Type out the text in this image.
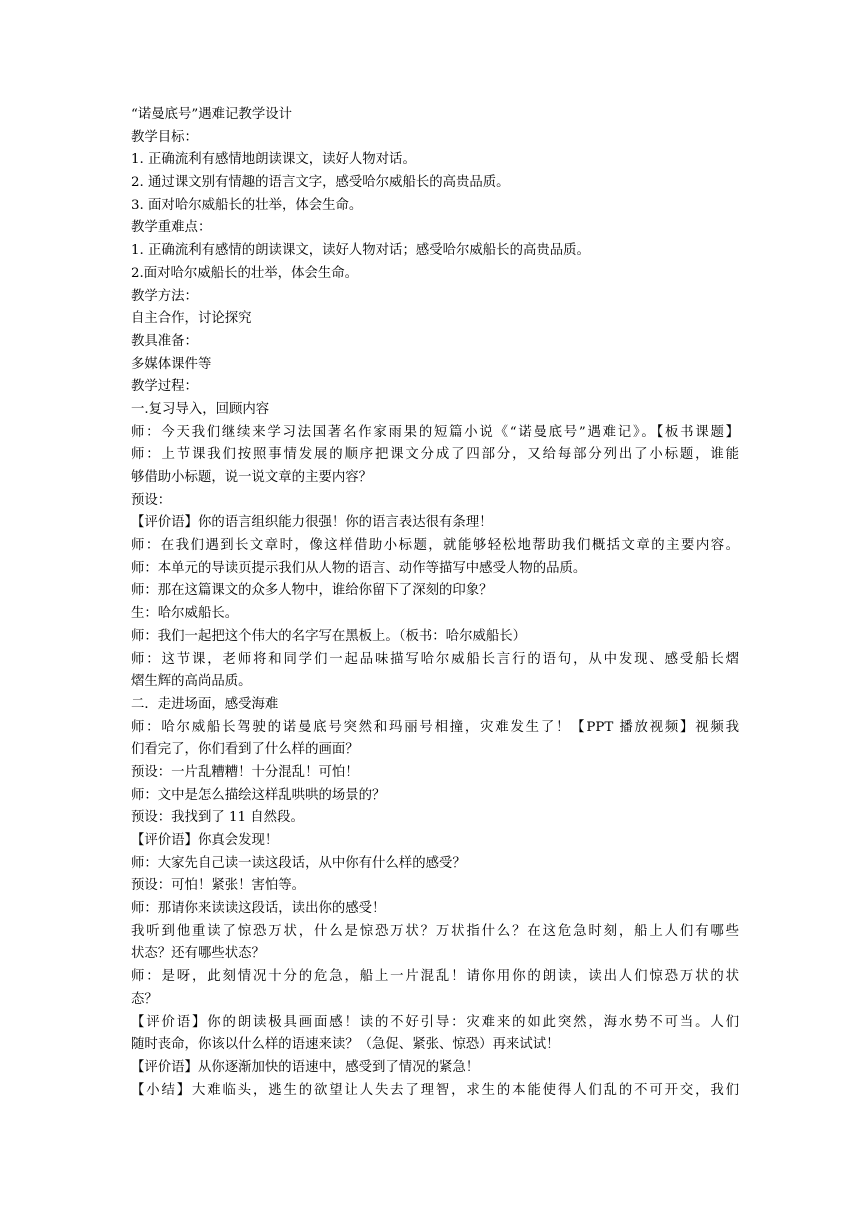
“诺曼底号”遇难记教学设计
教学目标：
1. 正确流利有感情地朗读课文，读好人物对话。
2. 通过课文别有情趣的语言文字，感受哈尔威船长的高贵品质。
3. 面对哈尔威船长的壮举，体会生命。
教学重难点：
1. 正确流利有感情的朗读课文，读好人物对话；感受哈尔威船长的高贵品质。
2.面对哈尔威船长的壮举，体会生命。
教学方法：
自主合作，讨论探究
教具准备：
多媒体课件等
教学过程：
一.复习导入，回顾内容
师：今天我们继续来学习法国著名作家雨果的短篇小说《“诺曼底号”遇难记》。【板书课题】
师：上节课我们按照事情发展的顺序把课文分成了四部分，又给每部分列出了小标题，谁能
够借助小标题，说一说文章的主要内容？
预设：
【评价语】你的语言组织能力很强！你的语言表达很有条理！
师：在我们遇到长文章时，像这样借助小标题，就能够轻松地帮助我们概括文章的主要内容。
师：本单元的导读页提示我们从人物的语言、动作等描写中感受人物的品质。
师：那在这篇课文的众多人物中，谁给你留下了深刻的印象？
生：哈尔威船长。
师：我们一起把这个伟大的名字写在黑板上。（板书：哈尔威船长）
师：这节课，老师将和同学们一起品味描写哈尔威船长言行的语句，从中发现、感受船长熠
熠生辉的高尚品质。
二．走进场面，感受海难
师：哈尔威船长驾驶的诺曼底号突然和玛丽号相撞，灾难发生了！【PPT 播放视频】视频我
们看完了，你们看到了什么样的画面？
预设：一片乱糟糟！十分混乱！可怕！
师：文中是怎么描绘这样乱哄哄的场景的？
预设：我找到了 11 自然段。
【评价语】你真会发现！
师：大家先自己读一读这段话，从中你有什么样的感受？
预设：可怕！紧张！害怕等。
师：那请你来读读这段话，读出你的感受！
我听到他重读了惊恐万状，什么是惊恐万状？万状指什么？在这危急时刻，船上人们有哪些
状态？还有哪些状态？
师：是呀，此刻情况十分的危急，船上一片混乱！请你用你的朗读，读出人们惊恐万状的状
态？
【评价语】你的朗读极具画面感！读的不好引导：灾难来的如此突然，海水势不可当。人们
随时丧命，你该以什么样的语速来读？（急促、紧张、惊恐）再来试试！
【评价语】从你逐渐加快的语速中，感受到了情况的紧急！
【小结】大难临头，逃生的欲望让人失去了理智，求生的本能使得人们乱的不可开交，我们
